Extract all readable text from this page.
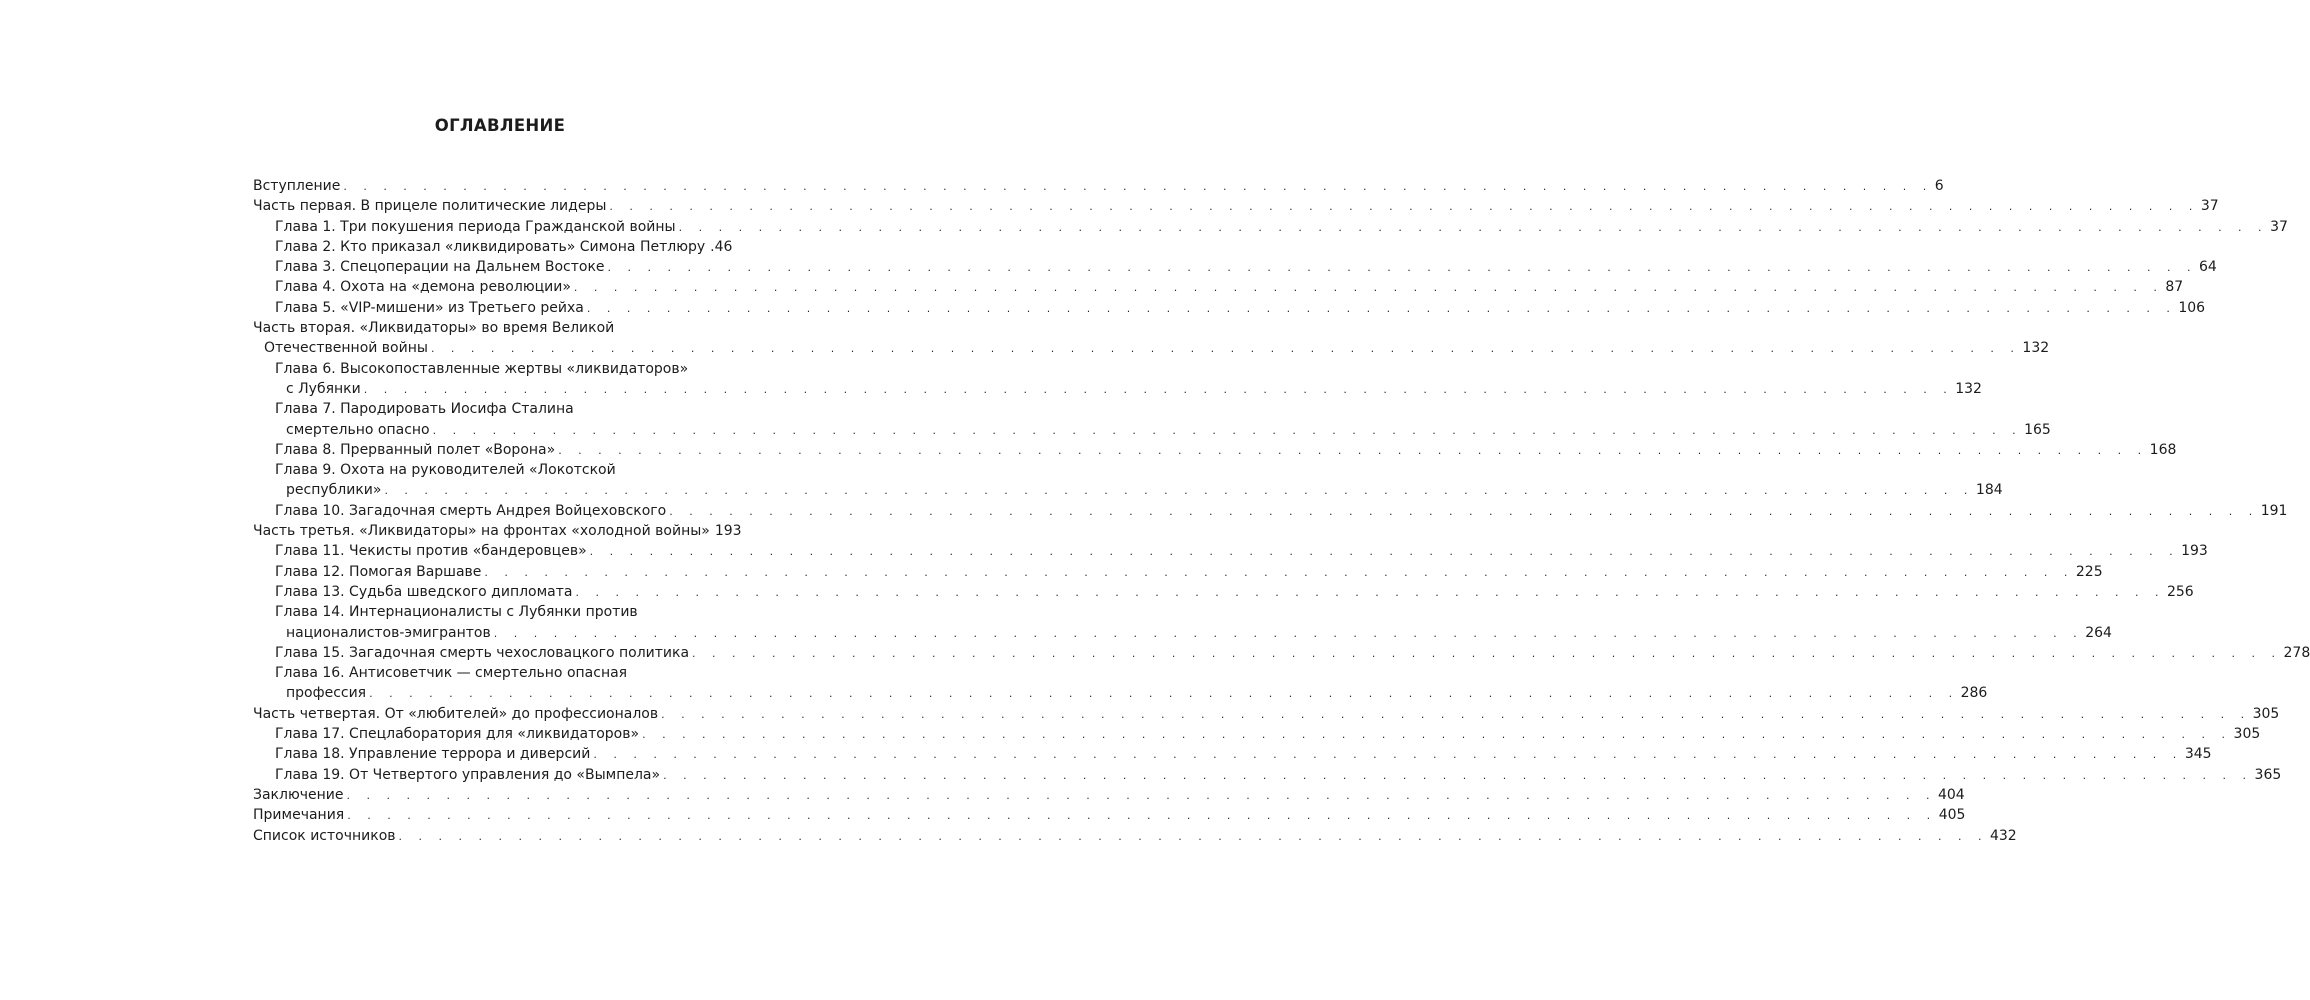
ОГЛАВЛЕНИЕ
Вступление . . . . . . . . . . . . . . . . . . . . . . . . . . . . . . . . . . . . . . . . . . . . . . . . . . . . . . . . . . . . . . . . . . . . . . . . . . . . . . . . 6
Часть первая. В прицеле политические лидеры . . . . . . . . . . . . . . . . . . . . . . . . . . . . . . . . . . . . . . . . . . . . . . . . . . . . . . . . . . . . . . . . . . . . . . . . . . . . . . . . 37
Глава 1. Три покушения периода Гражданской войны . . . . . . . . . . . . . . . . . . . . . . . . . . . . . . . . . . . . . . . . . . . . . . . . . . . . . . . . . . . . . . . . . . . . . . . . . . . . . . . . 37
Глава 2. Кто приказал «ликвидировать» Симона Петлюру .46
Глава 3. Спецоперации на Дальнем Востоке . . . . . . . . . . . . . . . . . . . . . . . . . . . . . . . . . . . . . . . . . . . . . . . . . . . . . . . . . . . . . . . . . . . . . . . . . . . . . . . . 64
Глава 4. Охота на «демона революции» . . . . . . . . . . . . . . . . . . . . . . . . . . . . . . . . . . . . . . . . . . . . . . . . . . . . . . . . . . . . . . . . . . . . . . . . . . . . . . . . 87
Глава 5. «VIP-мишени» из Третьего рейха . . . . . . . . . . . . . . . . . . . . . . . . . . . . . . . . . . . . . . . . . . . . . . . . . . . . . . . . . . . . . . . . . . . . . . . . . . . . . . . . 106
Часть вторая. «Ликвидаторы» во время Великой
Отечественной войны . . . . . . . . . . . . . . . . . . . . . . . . . . . . . . . . . . . . . . . . . . . . . . . . . . . . . . . . . . . . . . . . . . . . . . . . . . . . . . . . 132
Глава 6. Высокопоставленные жертвы «ликвидаторов»
с Лубянки . . . . . . . . . . . . . . . . . . . . . . . . . . . . . . . . . . . . . . . . . . . . . . . . . . . . . . . . . . . . . . . . . . . . . . . . . . . . . . . . 132
Глава 7. Пародировать Иосифа Сталина
смертельно опасно . . . . . . . . . . . . . . . . . . . . . . . . . . . . . . . . . . . . . . . . . . . . . . . . . . . . . . . . . . . . . . . . . . . . . . . . . . . . . . . . 165
Глава 8. Прерванный полет «Ворона» . . . . . . . . . . . . . . . . . . . . . . . . . . . . . . . . . . . . . . . . . . . . . . . . . . . . . . . . . . . . . . . . . . . . . . . . . . . . . . . . 168
Глава 9. Охота на руководителей «Локотской
республики» . . . . . . . . . . . . . . . . . . . . . . . . . . . . . . . . . . . . . . . . . . . . . . . . . . . . . . . . . . . . . . . . . . . . . . . . . . . . . . . . 184
Глава 10. Загадочная смерть Андрея Войцеховского . . . . . . . . . . . . . . . . . . . . . . . . . . . . . . . . . . . . . . . . . . . . . . . . . . . . . . . . . . . . . . . . . . . . . . . . . . . . . . . . 191
Часть третья. «Ликвидаторы» на фронтах «холодной войны» 193
Глава 11. Чекисты против «бандеровцев» . . . . . . . . . . . . . . . . . . . . . . . . . . . . . . . . . . . . . . . . . . . . . . . . . . . . . . . . . . . . . . . . . . . . . . . . . . . . . . . . 193
Глава 12. Помогая Варшаве . . . . . . . . . . . . . . . . . . . . . . . . . . . . . . . . . . . . . . . . . . . . . . . . . . . . . . . . . . . . . . . . . . . . . . . . . . . . . . . . 225
Глава 13. Судьба шведского дипломата . . . . . . . . . . . . . . . . . . . . . . . . . . . . . . . . . . . . . . . . . . . . . . . . . . . . . . . . . . . . . . . . . . . . . . . . . . . . . . . . 256
Глава 14. Интернационалисты с Лубянки против
националистов-эмигрантов . . . . . . . . . . . . . . . . . . . . . . . . . . . . . . . . . . . . . . . . . . . . . . . . . . . . . . . . . . . . . . . . . . . . . . . . . . . . . . . . 264
Глава 15. Загадочная смерть чехословацкого политика . . . . . . . . . . . . . . . . . . . . . . . . . . . . . . . . . . . . . . . . . . . . . . . . . . . . . . . . . . . . . . . . . . . . . . . . . . . . . . . . 278
Глава 16. Антисоветчик — смертельно опасная
профессия . . . . . . . . . . . . . . . . . . . . . . . . . . . . . . . . . . . . . . . . . . . . . . . . . . . . . . . . . . . . . . . . . . . . . . . . . . . . . . . . 286
Часть четвертая. От «любителей» до профессионалов . . . . . . . . . . . . . . . . . . . . . . . . . . . . . . . . . . . . . . . . . . . . . . . . . . . . . . . . . . . . . . . . . . . . . . . . . . . . . . . . 305
Глава 17. Спецлаборатория для «ликвидаторов» . . . . . . . . . . . . . . . . . . . . . . . . . . . . . . . . . . . . . . . . . . . . . . . . . . . . . . . . . . . . . . . . . . . . . . . . . . . . . . . . 305
Глава 18. Управление террора и диверсий . . . . . . . . . . . . . . . . . . . . . . . . . . . . . . . . . . . . . . . . . . . . . . . . . . . . . . . . . . . . . . . . . . . . . . . . . . . . . . . . 345
Глава 19. От Четвертого управления до «Вымпела» . . . . . . . . . . . . . . . . . . . . . . . . . . . . . . . . . . . . . . . . . . . . . . . . . . . . . . . . . . . . . . . . . . . . . . . . . . . . . . . . 365
Заключение . . . . . . . . . . . . . . . . . . . . . . . . . . . . . . . . . . . . . . . . . . . . . . . . . . . . . . . . . . . . . . . . . . . . . . . . . . . . . . . . 404
Примечания . . . . . . . . . . . . . . . . . . . . . . . . . . . . . . . . . . . . . . . . . . . . . . . . . . . . . . . . . . . . . . . . . . . . . . . . . . . . . . . . 405
Список источников . . . . . . . . . . . . . . . . . . . . . . . . . . . . . . . . . . . . . . . . . . . . . . . . . . . . . . . . . . . . . . . . . . . . . . . . . . . . . . . . 432
